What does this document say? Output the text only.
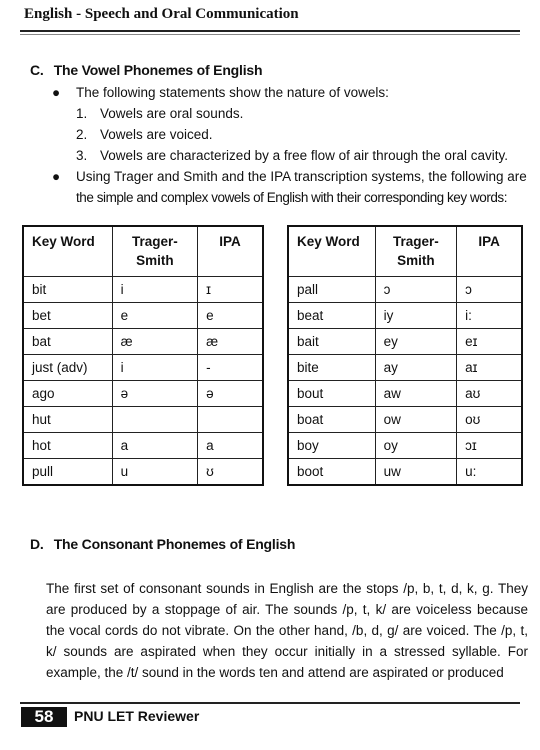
English - Speech and Oral Communication
C. The Vowel Phonemes of English
● The following statements show the nature of vowels:
1. Vowels are oral sounds.
2. Vowels are voiced.
3. Vowels are characterized by a free flow of air through the oral cavity.
● Using Trager and Smith and the IPA transcription systems, the following are
the simple and complex vowels of English with their corresponding key words:
Key Word	Trager-
Smith	IPA
bit	i	ɪ
bet	e	e
bat	æ	æ
just (adv)	i	-
ago	ə	ə
hut		
hot	a	a
pull	u	ʊ
Key Word	Trager-
Smith	IPA
pall	ɔ	ɔ
beat	iy	i:
bait	ey	eɪ
bite	ay	aɪ
bout	aw	aʊ
boat	ow	oʊ
boy	oy	ɔɪ
boot	uw	u:
D. The Consonant Phonemes of English
The first set of consonant sounds in English are the stops /p, b, t, d, k, g. They are produced by a stoppage of air. The sounds /p, t, k/ are voiceless because the vocal cords do not vibrate. On the other hand, /b, d, g/ are voiced. The /p, t, k/ sounds are aspirated when they occur initially in a stressed syllable. For example, the /t/ sound in the words ten and attend are aspirated or produced
58	PNU LET Reviewer
